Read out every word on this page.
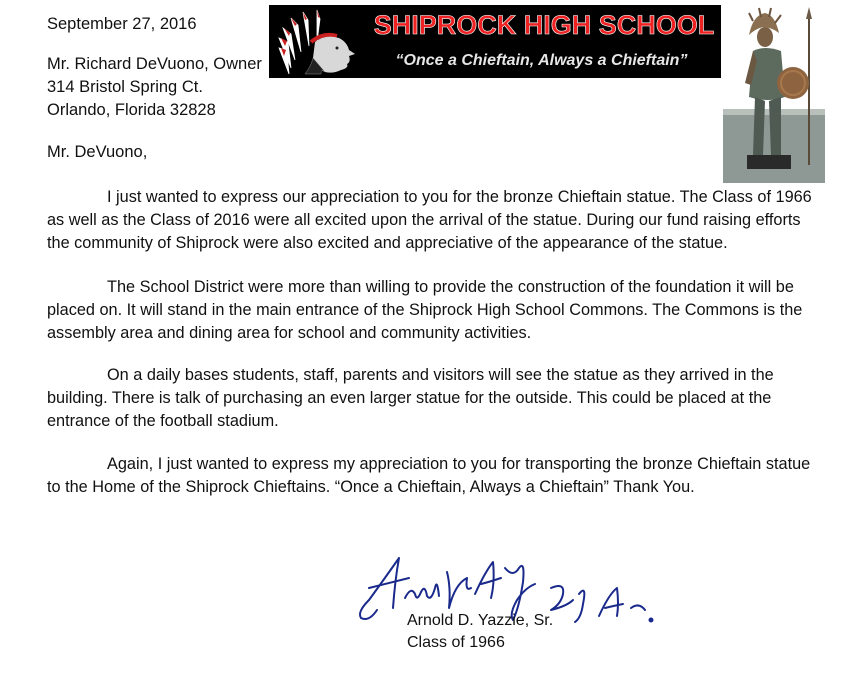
September 27, 2016
Mr. Richard DeVuono, Owner
314 Bristol Spring Ct.
Orlando, Florida 32828
SHIPROCK HIGH SCHOOL
“Once a Chieftain, Always a Chieftain”
Mr. DeVuono,

I just wanted to express our appreciation to you for the bronze Chieftain statue. The Class of 1966 as well as the Class of 2016 were all excited upon the arrival of the statue. During our fund raising efforts the community of Shiprock were also excited and appreciative of the appearance of the statue.

The School District were more than willing to provide the construction of the foundation it will be placed on. It will stand in the main entrance of the Shiprock High School Commons. The Commons is the assembly area and dining area for school and community activities.

On a daily bases students, staff, parents and visitors will see the statue as they arrived in the building. There is talk of purchasing an even larger statue for the outside. This could be placed at the entrance of the football stadium.

Again, I just wanted to express my appreciation to you for transporting the bronze Chieftain statue to the Home of the Shiprock Chieftains. “Once a Chieftain, Always a Chieftain” Thank You.

Arnold D. Yazzie, Sr.
Class of 1966
